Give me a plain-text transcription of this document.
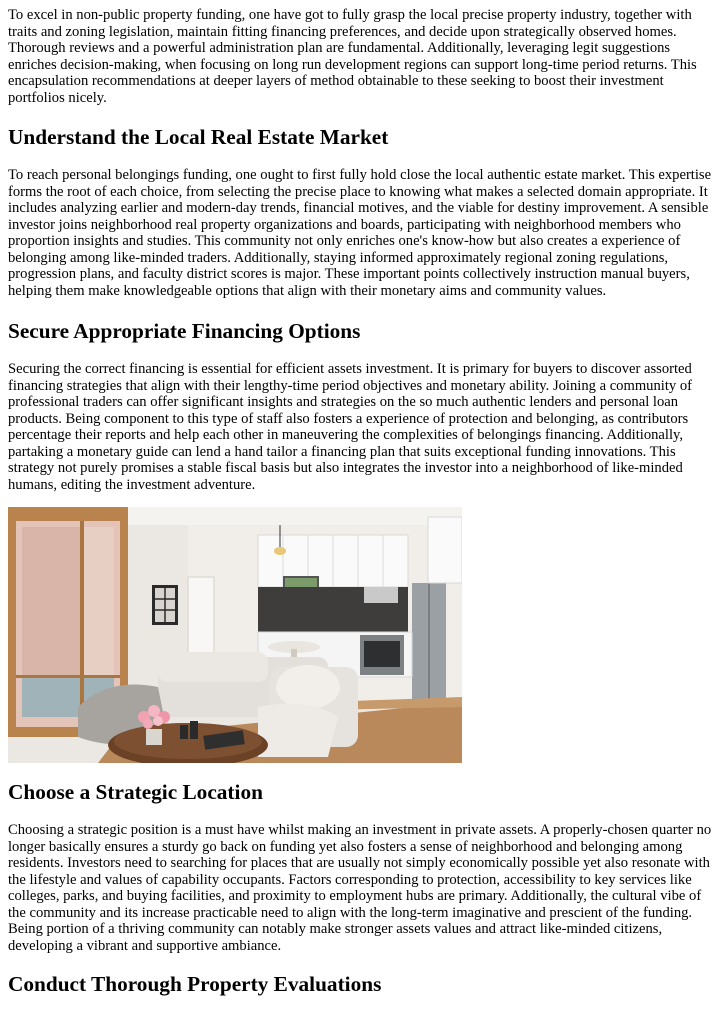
To excel in non-public property funding, one have got to fully grasp the local precise property industry, together with traits and zoning legislation, maintain fitting financing preferences, and decide upon strategically observed homes. Thorough reviews and a powerful administration plan are fundamental. Additionally, leveraging legit suggestions enriches decision-making, when focusing on long run development regions can support long-time period returns. This encapsulation recommendations at deeper layers of method obtainable to these seeking to boost their investment portfolios nicely.

Understand the Local Real Estate Market

To reach personal belongings funding, one ought to first fully hold close the local authentic estate market. This expertise forms the root of each choice, from selecting the precise place to knowing what makes a selected domain appropriate. It includes analyzing earlier and modern-day trends, financial motives, and the viable for destiny improvement. A sensible investor joins neighborhood real property organizations and boards, participating with neighborhood members who proportion insights and studies. This community not only enriches one's know-how but also creates a experience of belonging among like-minded traders. Additionally, staying informed approximately regional zoning regulations, progression plans, and faculty district scores is major. These important points collectively instruction manual buyers, helping them make knowledgeable options that align with their monetary aims and community values.

Secure Appropriate Financing Options

Securing the correct financing is essential for efficient assets investment. It is primary for buyers to discover assorted financing strategies that align with their lengthy-time period objectives and monetary ability. Joining a community of professional traders can offer significant insights and strategies on the so much authentic lenders and personal loan products. Being component to this type of staff also fosters a experience of protection and belonging, as contributors percentage their reports and help each other in maneuvering the complexities of belongings financing. Additionally, partaking a monetary guide can lend a hand tailor a financing plan that suits exceptional funding innovations. This strategy not purely promises a stable fiscal basis but also integrates the investor into a neighborhood of like-minded humans, editing the investment adventure.

Choose a Strategic Location

Choosing a strategic position is a must have whilst making an investment in private assets. A properly-chosen quarter no longer basically ensures a sturdy go back on funding yet also fosters a sense of neighborhood and belonging among residents. Investors need to searching for places that are usually not simply economically possible yet also resonate with the lifestyle and values of capability occupants. Factors corresponding to protection, accessibility to key services like colleges, parks, and buying facilities, and proximity to employment hubs are primary. Additionally, the cultural vibe of the community and its increase practicable need to align with the long-term imaginative and prescient of the funding. Being portion of a thriving community can notably make stronger assets values and attract like-minded citizens, developing a vibrant and supportive ambiance.

Conduct Thorough Property Evaluations
